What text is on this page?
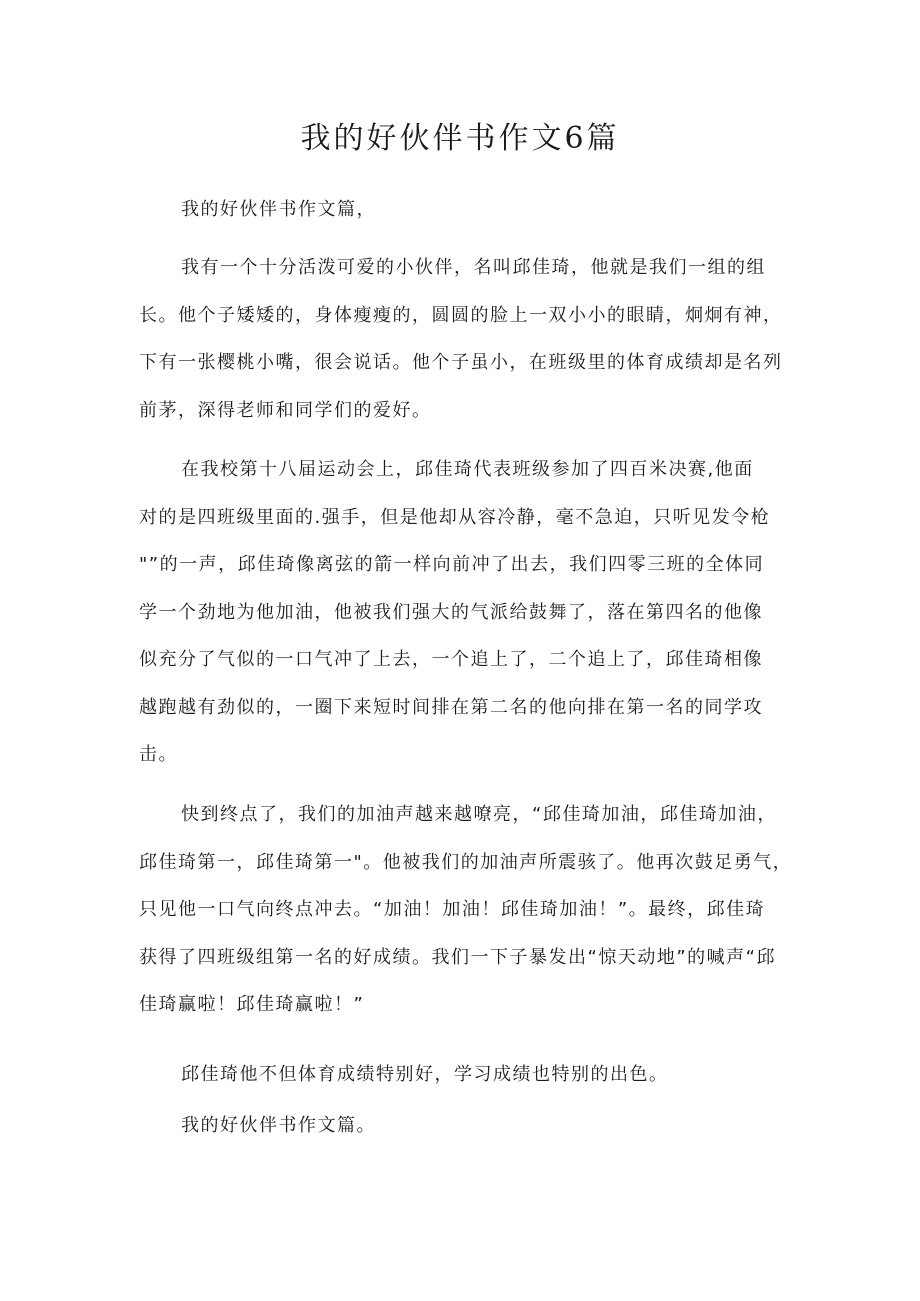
我的好伙伴书作文6篇

我的好伙伴书作文篇，

我有一个十分活泼可爱的小伙伴，名叫邱佳琦，他就是我们一组的组
长。他个子矮矮的，身体瘦瘦的，圆圆的脸上一双小小的眼睛，炯炯有神，
下有一张樱桃小嘴，很会说话。他个子虽小，在班级里的体育成绩却是名列
前茅，深得老师和同学们的爱好。
在我校第十八届运动会上，邱佳琦代表班级参加了四百米决赛,他面
对的是四班级里面的.强手，但是他却从容冷静，毫不急迫，只听见发令枪
"”的一声，邱佳琦像离弦的箭一样向前冲了出去，我们四零三班的全体同
学一个劲地为他加油，他被我们强大的气派给鼓舞了，落在第四名的他像
似充分了气似的一口气冲了上去，一个追上了，二个追上了，邱佳琦相像
越跑越有劲似的，一圈下来短时间排在第二名的他向排在第一名的同学攻
击。
快到终点了，我们的加油声越来越嘹亮，“邱佳琦加油，邱佳琦加油，
邱佳琦第一，邱佳琦第一"。他被我们的加油声所震骇了。他再次鼓足勇气，
只见他一口气向终点冲去。“加油！加油！邱佳琦加油！”。最终，邱佳琦
获得了四班级组第一名的好成绩。我们一下子暴发出“惊天动地”的喊声“邱
佳琦赢啦！邱佳琦赢啦！”

邱佳琦他不但体育成绩特别好，学习成绩也特别的出色。

我的好伙伴书作文篇。
